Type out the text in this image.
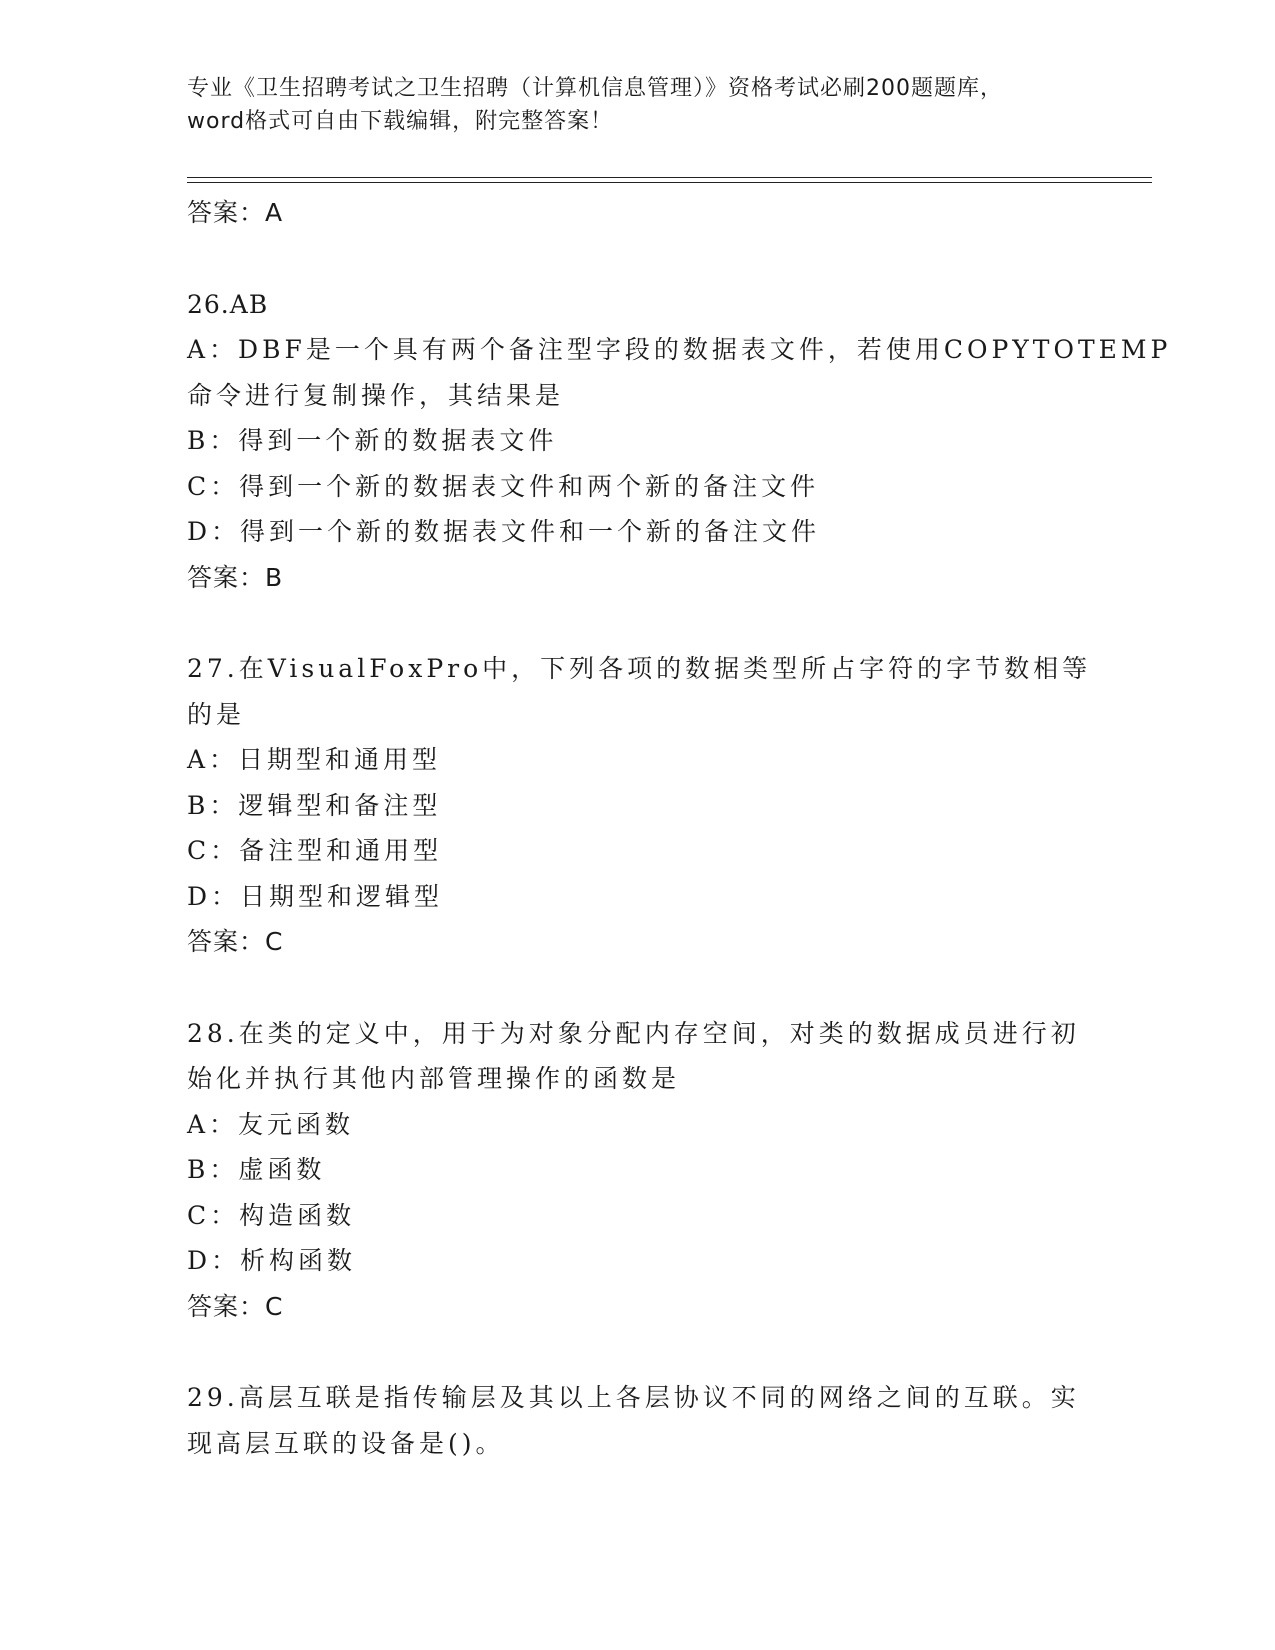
专业《卫生招聘考试之卫生招聘（计算机信息管理）》资格考试必刷200题题库，
word格式可自由下载编辑，附完整答案！
答案：A
26.AB
A：DBF是一个具有两个备注型字段的数据表文件，若使用COPYTOTEMP
命令进行复制操作，其结果是
B：得到一个新的数据表文件
C：得到一个新的数据表文件和两个新的备注文件
D：得到一个新的数据表文件和一个新的备注文件
答案：B
27.在VisualFoxPro中，下列各项的数据类型所占字符的字节数相等
的是
A：日期型和通用型
B：逻辑型和备注型
C：备注型和通用型
D：日期型和逻辑型
答案：C
28.在类的定义中，用于为对象分配内存空间，对类的数据成员进行初
始化并执行其他内部管理操作的函数是
A：友元函数
B：虚函数
C：构造函数
D：析构函数
答案：C
29.高层互联是指传输层及其以上各层协议不同的网络之间的互联。实
现高层互联的设备是()。
